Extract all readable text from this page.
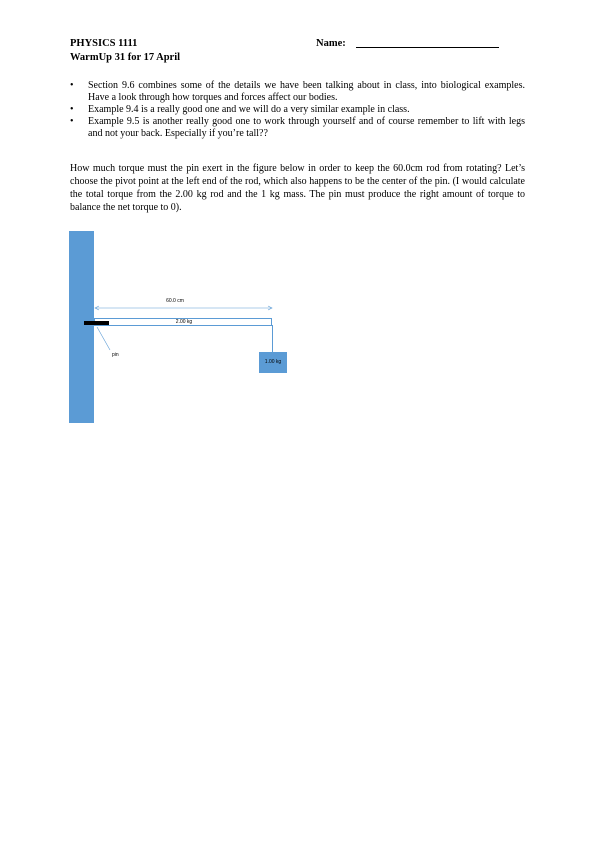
PHYSICS 1111
WarmUp 31 for 17 April
Name:
• Section 9.6 combines some of the details we have been talking about in class, into biological examples. Have a look through how torques and forces affect our bodies.
• Example 9.4 is a really good one and we will do a very similar example in class.
• Example 9.5 is another really good one to work through yourself and of course remember to lift with legs and not your back. Especially if you’re tall??

How much torque must the pin exert in the figure below in order to keep the 60.0cm rod from rotating? Let’s choose the pivot point at the left end of the rod, which also happens to be the center of the pin. (I would calculate the total torque from the 2.00 kg rod and the 1 kg mass. The pin must produce the right amount of torque to balance the net torque to 0).

2.00 kg
1.00 kg
60.0 cm
pin
